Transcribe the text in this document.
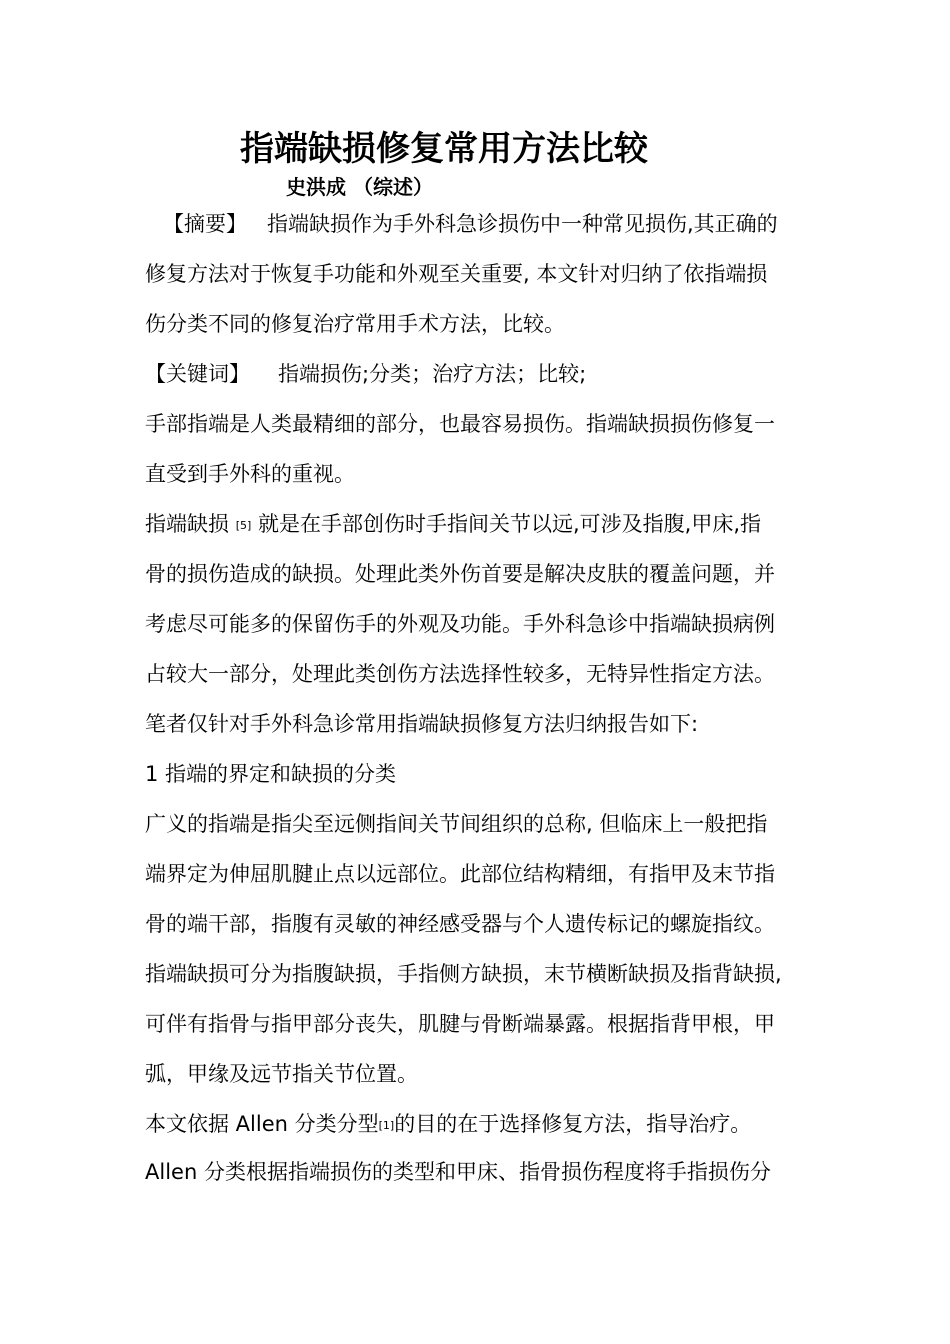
指端缺损修复常用方法比较
史洪成 （综述）
【摘要】 指端缺损作为手外科急诊损伤中一种常见损伤,其正确的
修复方法对于恢复手功能和外观至关重要, 本文针对归纳了依指端损
伤分类不同的修复治疗常用手术方法，比较。
【关键词】 指端损伤;分类；治疗方法；比较;
手部指端是人类最精细的部分，也最容易损伤。指端缺损损伤修复一
直受到手外科的重视。
指端缺损 [5] 就是在手部创伤时手指间关节以远,可涉及指腹,甲床,指
骨的损伤造成的缺损。处理此类外伤首要是解决皮肤的覆盖问题，并
考虑尽可能多的保留伤手的外观及功能。手外科急诊中指端缺损病例
占较大一部分，处理此类创伤方法选择性较多，无特异性指定方法。
笔者仅针对手外科急诊常用指端缺损修复方法归纳报告如下:
1 指端的界定和缺损的分类
广义的指端是指尖至远侧指间关节间组织的总称, 但临床上一般把指
端界定为伸屈肌腱止点以远部位。此部位结构精细，有指甲及末节指
骨的端干部，指腹有灵敏的神经感受器与个人遗传标记的螺旋指纹。
指端缺损可分为指腹缺损，手指侧方缺损，末节横断缺损及指背缺损,
可伴有指骨与指甲部分丧失，肌腱与骨断端暴露。根据指背甲根，甲
弧，甲缘及远节指关节位置。
本文依据 Allen 分类分型[1]的目的在于选择修复方法，指导治疗。
Allen 分类根据指端损伤的类型和甲床、指骨损伤程度将手指损伤分
